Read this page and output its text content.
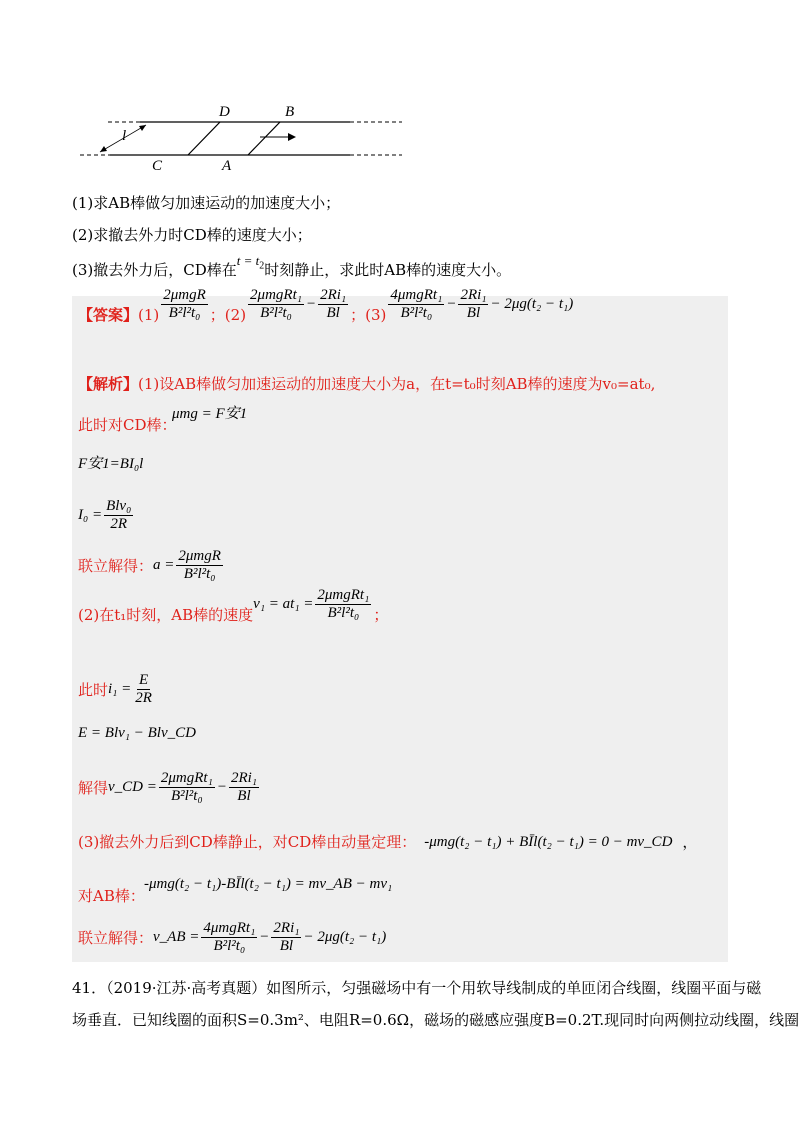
D	B
C	A
l
(1)求AB棒做匀加速运动的加速度大小；
(2)求撤去外力时CD棒的速度大小；
(3)撤去外力后，CD棒在$t = t_2$时刻静止，求此时AB棒的速度大小。
【答案】 $(1) \frac{\text{2μmgR}}{\text{B²l²t₀}}$ ；$(2) \frac{\text{2μmgRt₁}}{\text{B²l²t₀}} - \frac{\text{2Ri₁}}{Bl}$ ；$(3) \frac{\text{4μmgRt₁}}{\text{B²l²t₀}} - \frac{\text{2Ri₁}}{Bl} - 2\mu g(t_2 - t_1)$
【解析】(1)设AB棒做匀加速运动的加速度大小为a，在t=t₀时刻AB棒的速度为v₀=at₀,
此时对CD棒：
μmg = F安1
F安1=BI₀l
$I_0 = \frac{\text{Blv₀}}{2R}$
联立解得： $a = \frac{\text{2μmgR}}{\text{B²l²t₀}}$
(2)在t₁时刻，AB棒的速度
$v_1 = at_1 = \frac{\text{2μmgRt₁}}{\text{B²l²t₀}}$ ；
此时 $i_1 = \frac{E}{2R}$
E = Blv₁ − Blv_CD
解得 v_CD = $\frac{\text{2μmgRt₁}}{\text{B²l²t₀}} - \frac{\text{2Ri₁}}{Bl}$
(3)撤去外力后到CD棒静止，对CD棒由动量定理： -μmg(t₂ − t₁) + BĪl(t₂ − t₁) = 0 − mv_CD ，
对AB棒：
-μmg(t₂ − t₁)-BĪl(t₂ − t₁) = mv_AB − mv₁
联立解得： v_AB = $\frac{\text{4μmgRt₁}}{\text{B²l²t₀}} - \frac{\text{2Ri₁}}{Bl} - 2\mu g(t_2 - t_1)$
41．（2019·江苏·高考真题）如图所示，匀强磁场中有一个用软导线制成的单匝闭合线圈，线圈平面与磁
场垂直．已知线圈的面积S=0.3m²、电阻R=0.6Ω，磁场的磁感应强度B=0.2T.现同时向两侧拉动线圈，线圈
